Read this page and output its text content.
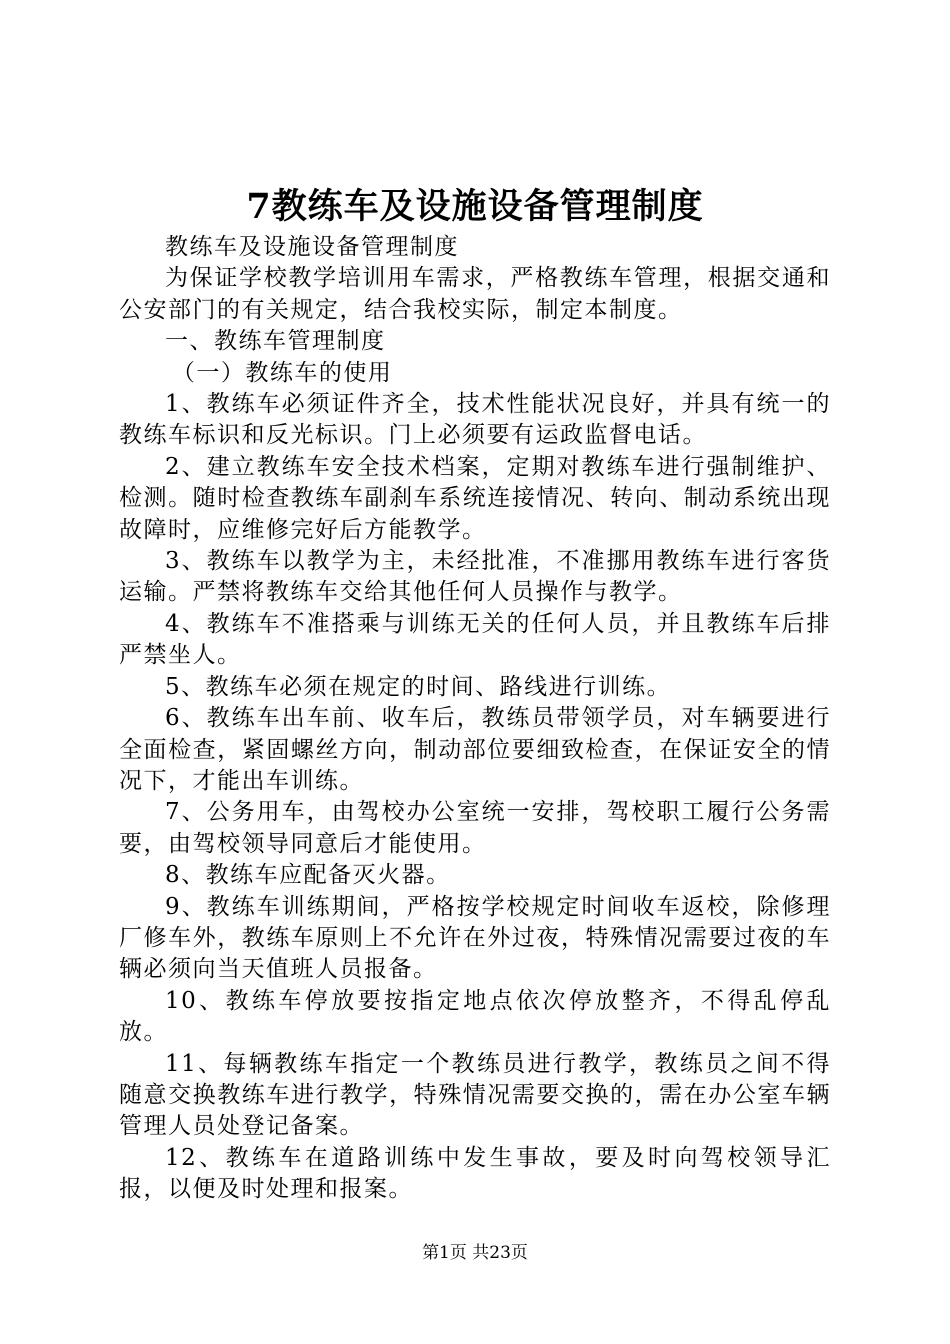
7教练车及设施设备管理制度

教练车及设施设备管理制度

为保证学校教学培训用车需求，严格教练车管理，根据交通和公安部门的有关规定，结合我校实际，制定本制度。

一、教练车管理制度

（一）教练车的使用

1、教练车必须证件齐全，技术性能状况良好，并具有统一的教练车标识和反光标识。门上必须要有运政监督电话。

2、建立教练车安全技术档案，定期对教练车进行强制维护、检测。随时检查教练车副刹车系统连接情况、转向、制动系统出现故障时，应维修完好后方能教学。

3、教练车以教学为主，未经批准，不准挪用教练车进行客货运输。严禁将教练车交给其他任何人员操作与教学。

4、教练车不准搭乘与训练无关的任何人员，并且教练车后排严禁坐人。

5、教练车必须在规定的时间、路线进行训练。

6、教练车出车前、收车后，教练员带领学员，对车辆要进行全面检查，紧固螺丝方向，制动部位要细致检查，在保证安全的情况下，才能出车训练。

7、公务用车，由驾校办公室统一安排，驾校职工履行公务需要，由驾校领导同意后才能使用。

8、教练车应配备灭火器。

9、教练车训练期间，严格按学校规定时间收车返校，除修理厂修车外，教练车原则上不允许在外过夜，特殊情况需要过夜的车辆必须向当天值班人员报备。

10、教练车停放要按指定地点依次停放整齐，不得乱停乱放。

11、每辆教练车指定一个教练员进行教学，教练员之间不得随意交换教练车进行教学，特殊情况需要交换的，需在办公室车辆管理人员处登记备案。

12、教练车在道路训练中发生事故，要及时向驾校领导汇报，以便及时处理和报案。

第1页 共23页
